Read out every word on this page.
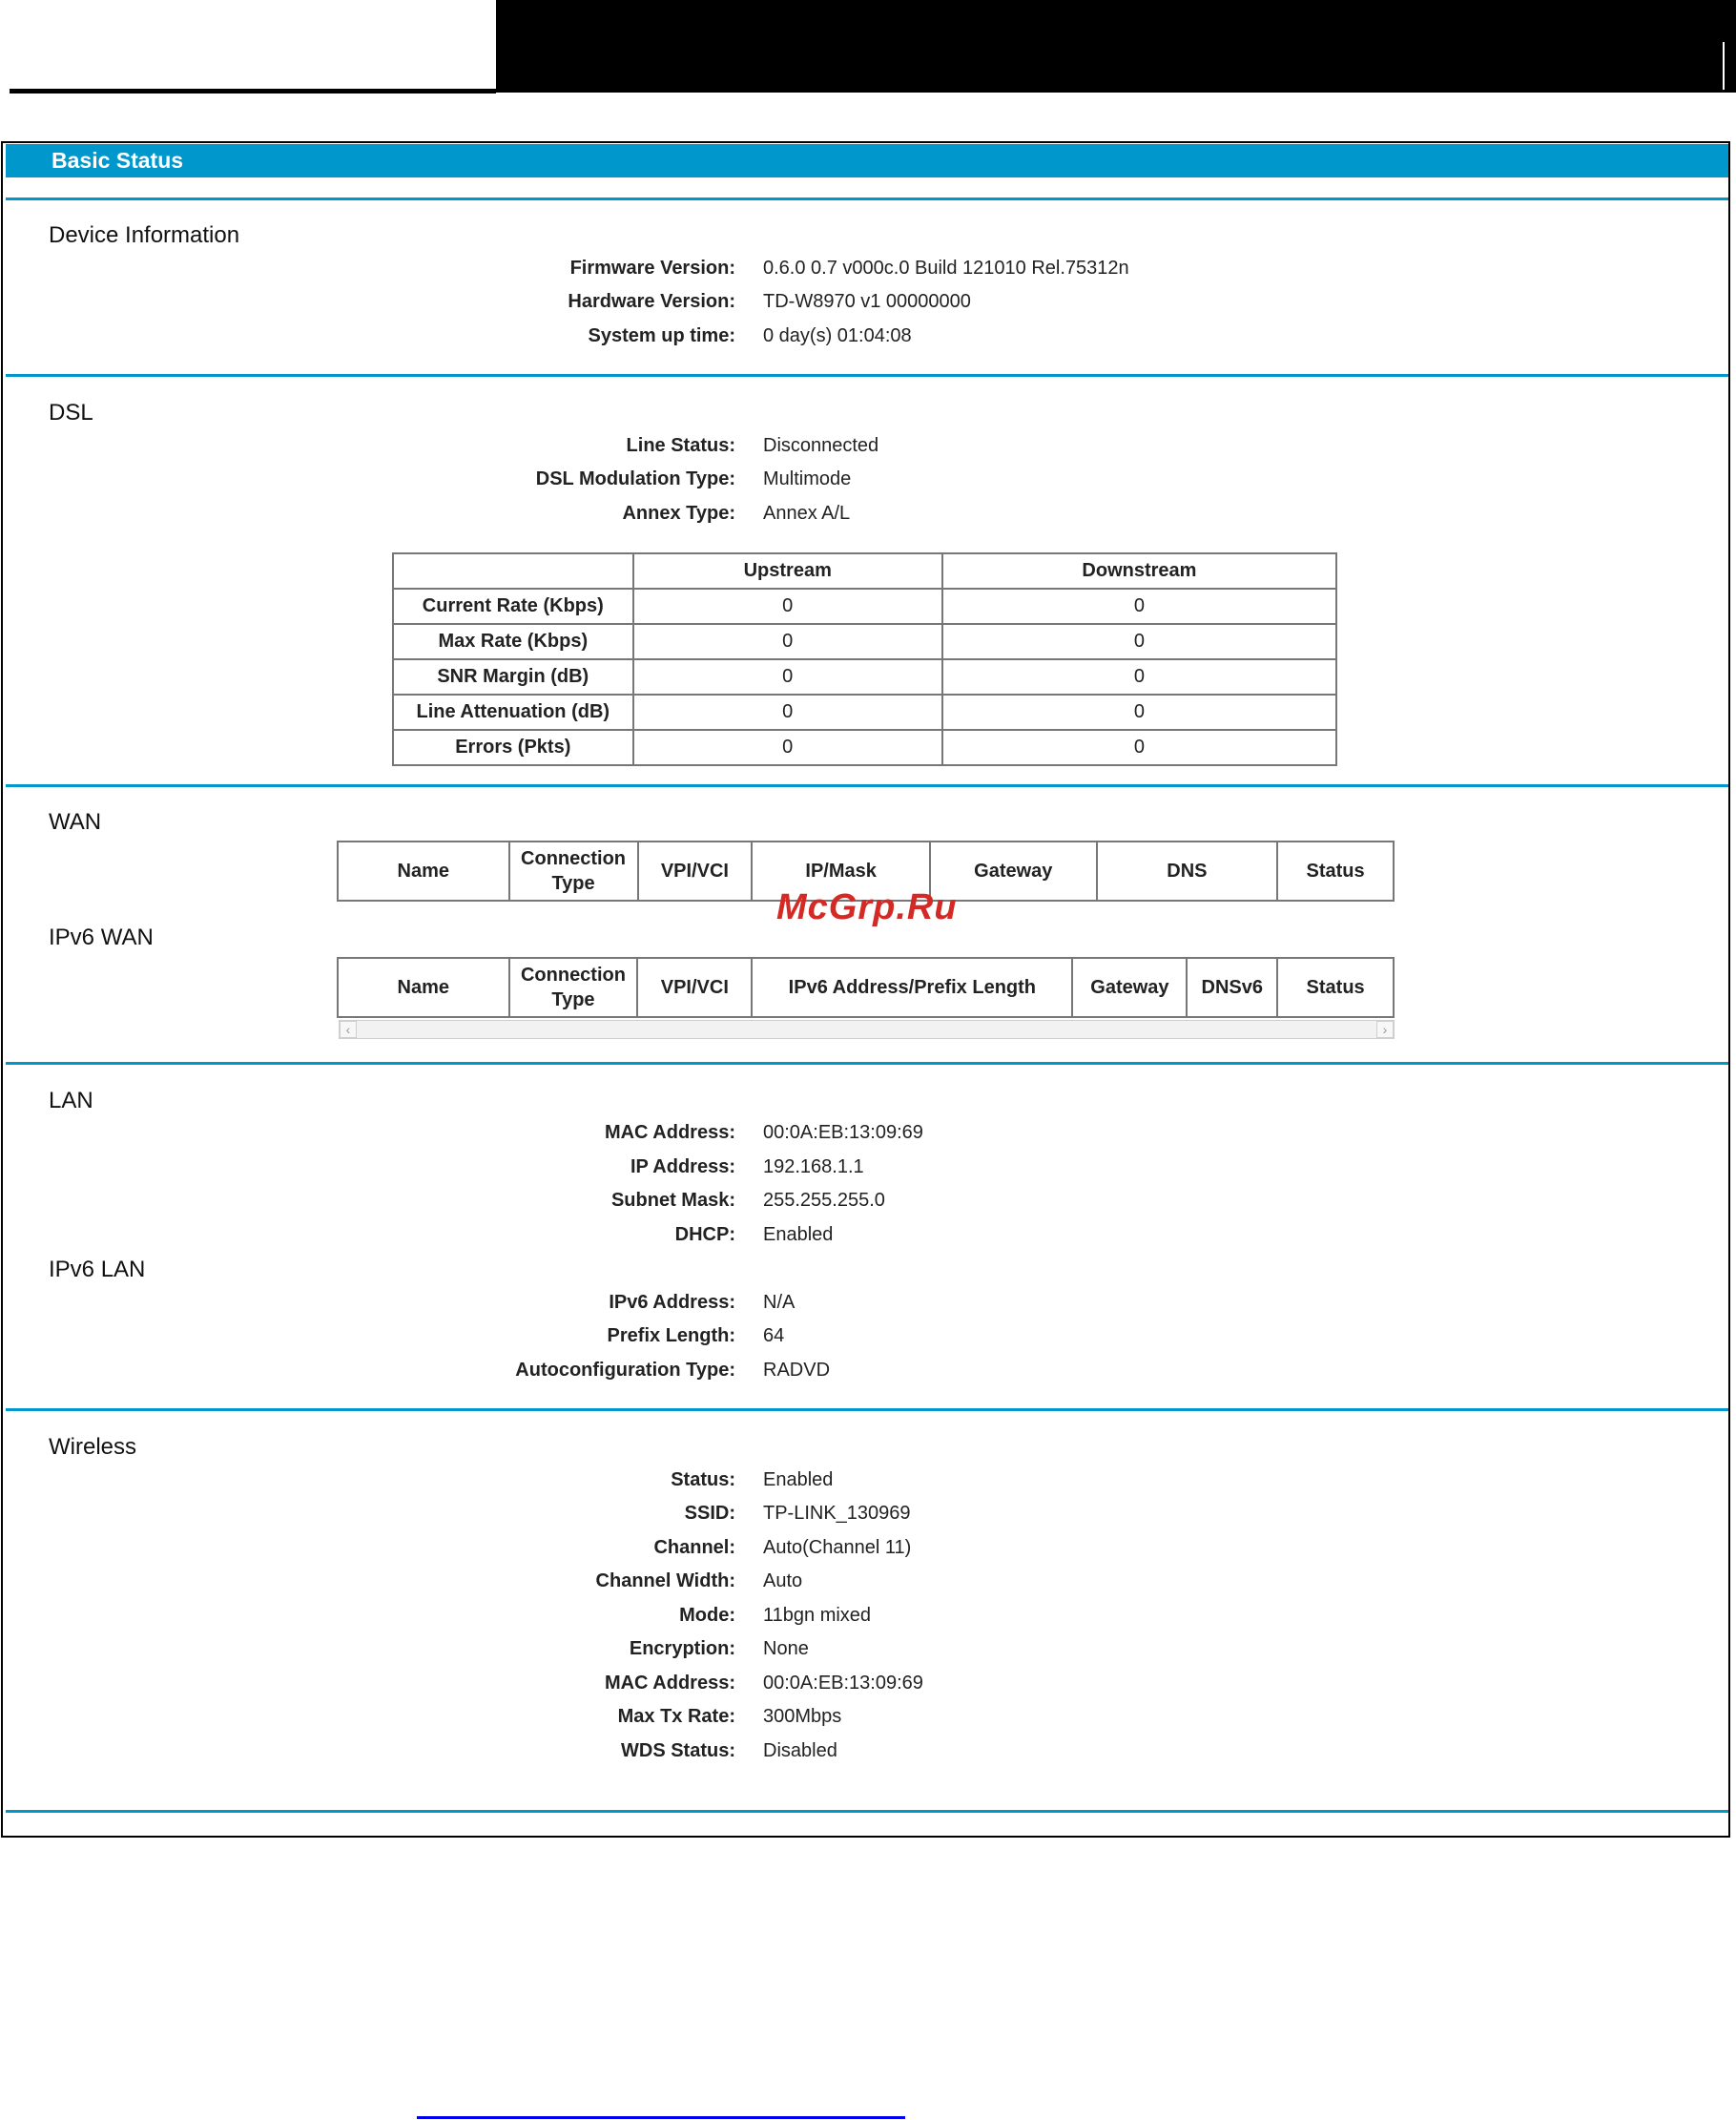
Basic Status
Device Information
Firmware Version: 0.6.0 0.7 v000c.0 Build 121010 Rel.75312n
Hardware Version: TD-W8970 v1 00000000
System up time: 0 day(s) 01:04:08
DSL
Line Status: Disconnected
DSL Modulation Type: Multimode
Annex Type: Annex A/L
	Upstream	Downstream
Current Rate (Kbps)	0	0
Max Rate (Kbps)	0	0
SNR Margin (dB)	0	0
Line Attenuation (dB)	0	0
Errors (Pkts)	0	0
WAN
Name	Connection Type	VPI/VCI	IP/Mask	Gateway	DNS	Status
IPv6 WAN
Name	Connection Type	VPI/VCI	IPv6 Address/Prefix Length	Gateway	DNSv6	Status
‹	›
LAN
MAC Address: 00:0A:EB:13:09:69
IP Address: 192.168.1.1
Subnet Mask: 255.255.255.0
DHCP: Enabled
IPv6 LAN
IPv6 Address: N/A
Prefix Length: 64
Autoconfiguration Type: RADVD
Wireless
Status: Enabled
SSID: TP-LINK_130969
Channel: Auto(Channel 11)
Channel Width: Auto
Mode: 11bgn mixed
Encryption: None
MAC Address: 00:0A:EB:13:09:69
Max Tx Rate: 300Mbps
WDS Status: Disabled
McGrp.Ru
